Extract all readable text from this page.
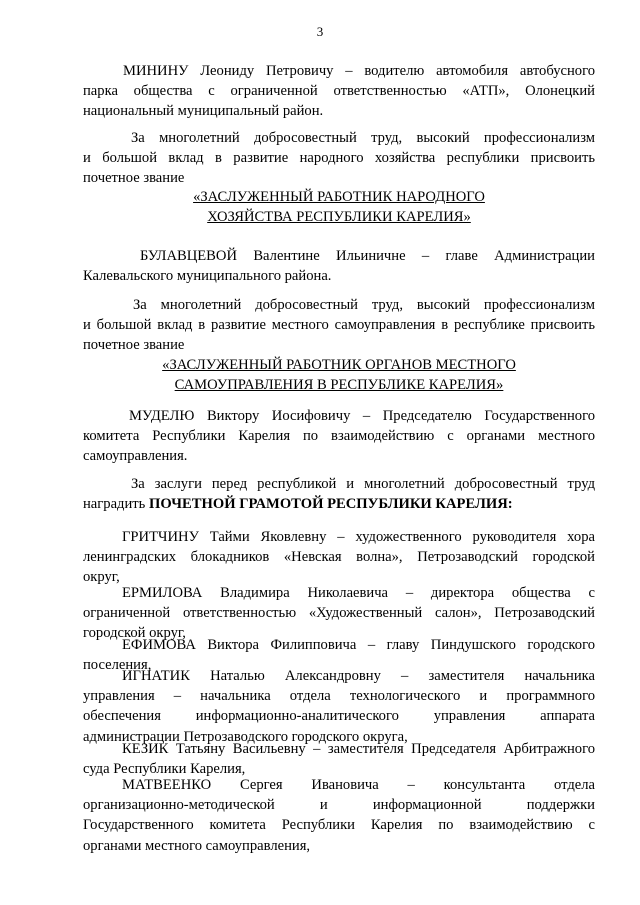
3
МИНИНУ Леониду Петровичу – водителю автомобиля автобусного
парка общества с ограниченной ответственностью «АТП», Олонецкий
национальный муниципальный район.
За многолетний добросовестный труд, высокий профессионализм
и большой вклад в развитие народного хозяйства республики присвоить
почетное звание
«ЗАСЛУЖЕННЫЙ РАБОТНИК НАРОДНОГО
ХОЗЯЙСТВА РЕСПУБЛИКИ КАРЕЛИЯ»
БУЛАВЦЕВОЙ Валентине Ильиничне – главе Администрации
Калевальского муниципального района.
За многолетний добросовестный труд, высокий профессионализм
и большой вклад в развитие местного самоуправления в республике присвоить
почетное звание
«ЗАСЛУЖЕННЫЙ РАБОТНИК ОРГАНОВ МЕСТНОГО
САМОУПРАВЛЕНИЯ В РЕСПУБЛИКЕ КАРЕЛИЯ»
МУДЕЛЮ Виктору Иосифовичу – Председателю Государственного
комитета Республики Карелия по взаимодействию с органами местного
самоуправления.
За заслуги перед республикой и многолетний добросовестный труд
наградить ПОЧЕТНОЙ ГРАМОТОЙ РЕСПУБЛИКИ КАРЕЛИЯ:
ГРИТЧИНУ Тайми Яковлевну – художественного руководителя хора
ленинградских блокадников «Невская волна», Петрозаводский городской
округ,
ЕРМИЛОВА Владимира Николаевича – директора общества с
ограниченной ответственностью «Художественный салон», Петрозаводский
городской округ,
ЕФИМОВА Виктора Филипповича – главу Пиндушского городского
поселения,
ИГНАТИК Наталью Александровну – заместителя начальника
управления – начальника отдела технологического и программного
обеспечения информационно-аналитического управления аппарата
администрации Петрозаводского городского округа,
КЕЗИК Татьяну Васильевну – заместителя Председателя Арбитражного
суда Республики Карелия,
МАТВЕЕНКО Сергея Ивановича – консультанта отдела
организационно-методической и информационной поддержки
Государственного комитета Республики Карелия по взаимодействию с
органами местного самоуправления,
